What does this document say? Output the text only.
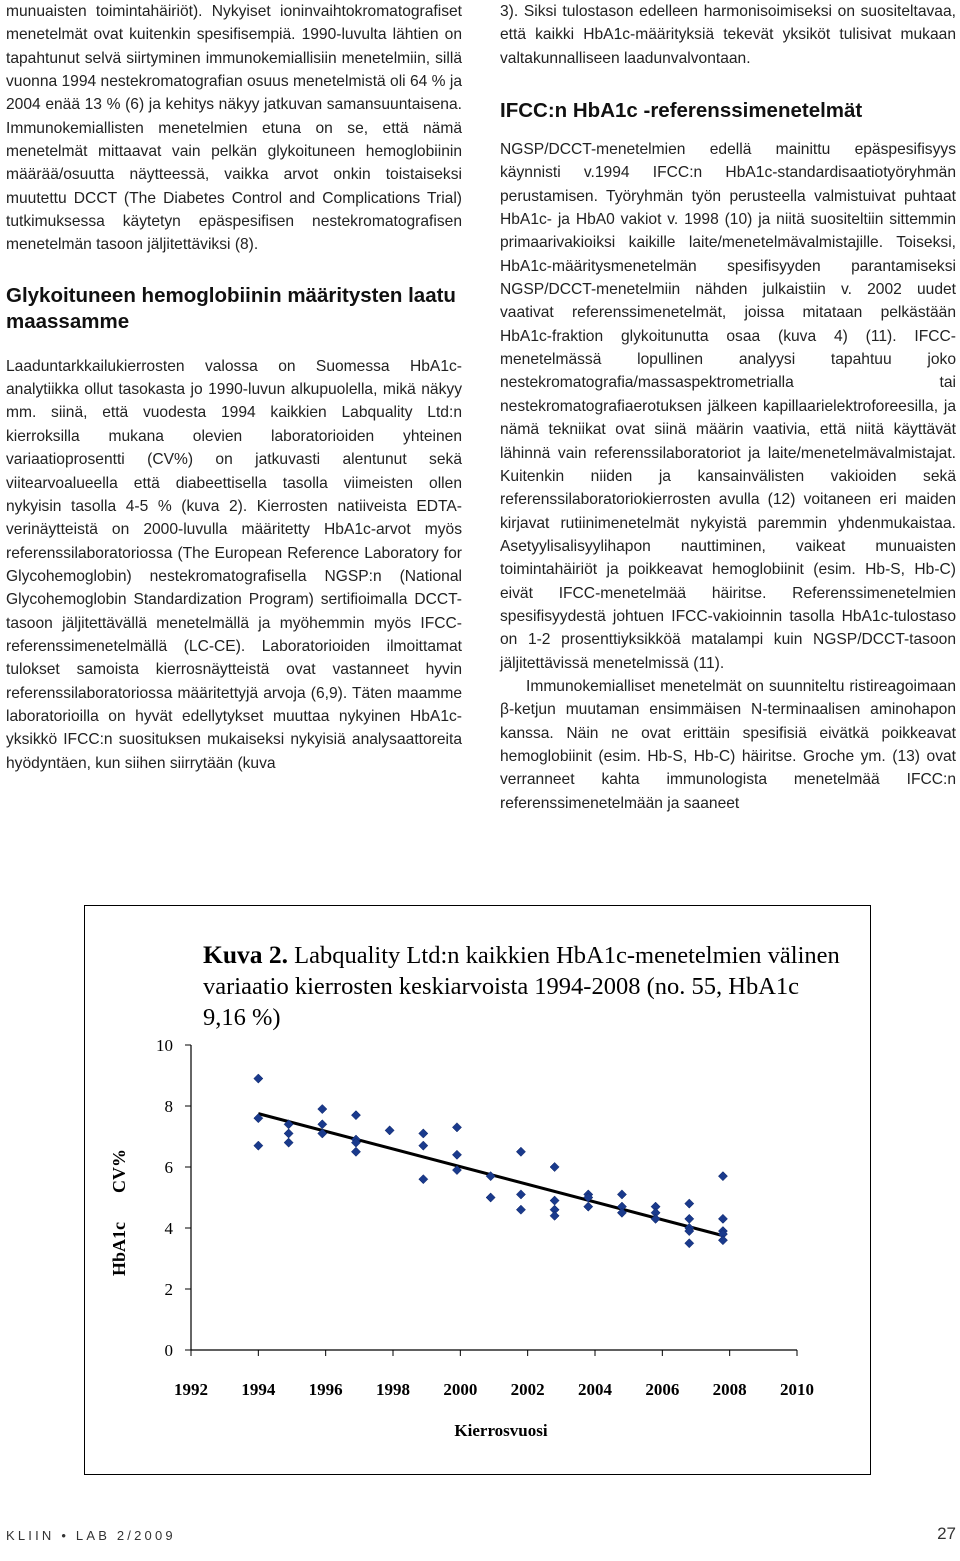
munuaisten toimintahäiriöt). Nykyiset ioninvaihtokromatografiset menetelmät ovat kuitenkin spesifisempiä. 1990-luvulta lähtien on tapahtunut selvä siirtyminen immunokemiallisiin menetelmiin, sillä vuonna 1994 nestekromatografian osuus menetelmistä oli 64 % ja 2004 enää 13 % (6) ja kehitys näkyy jatkuvan samansuuntaisena. Immunokemiallisten menetelmien etuna on se, että nämä menetelmät mittaavat vain pelkän glykoituneen hemoglobiinin määrää/osuutta näytteessä, vaikka arvot onkin toistaiseksi muutettu DCCT (The Diabetes Control and Complications Trial) tutkimuksessa käytetyn epäspesifisen nestekromatografisen menetelmän tasoon jäljitettäviksi (8).

Glykoituneen hemoglobiinin määritysten laatu maassamme

Laaduntarkkailukierrosten valossa on Suomessa HbA1c-analytiikka ollut tasokasta jo 1990-luvun alkupuolella, mikä näkyy mm. siinä, että vuodesta 1994 kaikkien Labquality Ltd:n kierroksilla mukana olevien laboratorioiden yhteinen variaatioprosentti (CV%) on jatkuvasti alentunut sekä viitearvoalueella että diabeettisella tasolla viimeisten ollen nykyisin tasolla 4-5 % (kuva 2). Kierrosten natiiveista EDTA-verinäytteistä on 2000-luvulla määritetty HbA1c-arvot myös referenssilaboratoriossa (The European Reference Laboratory for Glycohemoglobin) nestekromatografisella NGSP:n (National Glycohemoglobin Standardization Program) sertifioimalla DCCT-tasoon jäljitettävällä menetelmällä ja myöhemmin myös IFCC-referenssimenetelmällä (LC-CE). Laboratorioiden ilmoittamat tulokset samoista kierrosnäytteistä ovat vastanneet hyvin referenssilaboratoriossa määritettyjä arvoja (6,9). Täten maamme laboratorioilla on hyvät edellytykset muuttaa nykyinen HbA1c-yksikkö IFCC:n suosituksen mukaiseksi nykyisiä analysaattoreita hyödyntäen, kun siihen siirrytään (kuva

3). Siksi tulostason edelleen harmonisoimiseksi on suositeltavaa, että kaikki HbA1c-määrityksiä tekevät yksiköt tulisivat mukaan valtakunnalliseen laadunvalvontaan.

IFCC:n HbA1c -referenssimenetelmät

NGSP/DCCT-menetelmien edellä mainittu epäspesifisyys käynnisti v.1994 IFCC:n HbA1c-standardisaatiotyöryhmän perustamisen. Työryhmän työn perusteella valmistuivat puhtaat HbA1c- ja HbA0 vakiot v. 1998 (10) ja niitä suositeltiin sittemmin primaarivakioiksi kaikille laite/menetelmävalmistajille. Toiseksi, HbA1c-määritysmenetelmän spesifisyyden parantamiseksi NGSP/DCCT-menetelmiin nähden julkaistiin v. 2002 uudet vaativat referenssimenetelmät, joissa mitataan pelkästään HbA1c-fraktion glykoitunutta osaa (kuva 4) (11). IFCC-menetelmässä lopullinen analyysi tapahtuu joko nestekromatografia/massaspektrometrialla tai nestekromatografiaerotuksen jälkeen kapillaarielektroforeesilla, ja nämä tekniikat ovat siinä määrin vaativia, että niitä käyttävät lähinnä vain referenssilaboratoriot ja laite/menetelmävalmistajat. Kuitenkin niiden ja kansainvälisten vakioiden sekä referenssilaboratoriokierrosten avulla (12) voitaneen eri maiden kirjavat rutiinimenetelmät nykyistä paremmin yhdenmukaistaa. Asetyylisalisyylihapon nauttiminen, vaikeat munuaisten toimintahäiriöt ja poikkeavat hemoglobiinit (esim. Hb-S, Hb-C) eivät IFCC-menetelmää häiritse. Referenssimenetelmien spesifisyydestä johtuen IFCC-vakioinnin tasolla HbA1c-tulostaso on 1-2 prosenttiyksikköä matalampi kuin NGSP/DCCT-tasoon jäljitettävissä menetelmissä (11).

Immunokemialliset menetelmät on suunniteltu ristireagoimaan β-ketjun muutaman ensimmäisen N-terminaalisen aminohapon kanssa. Näin ne ovat erittäin spesifisiä eivätkä poikkeavat hemoglobiinit (esim. Hb-S, Hb-C) häiritse. Groche ym. (13) ovat verranneet kahta immunologista menetelmää IFCC:n referenssimenetelmään ja saaneet

0
2
4
6
8
10
1992 1994 1996 1998 2000 2002 2004 2006 2008 2010
Kierrosvuosi
Kuva 2. Labquality Ltd:n kaikkien HbA1c-menetelmien välinen variaatio kierrosten keskiarvoista 1994-2008 (no. 55, HbA1c 9,16 %)
CV%
HbA1c
KLIIN • LAB 2/2009	27
